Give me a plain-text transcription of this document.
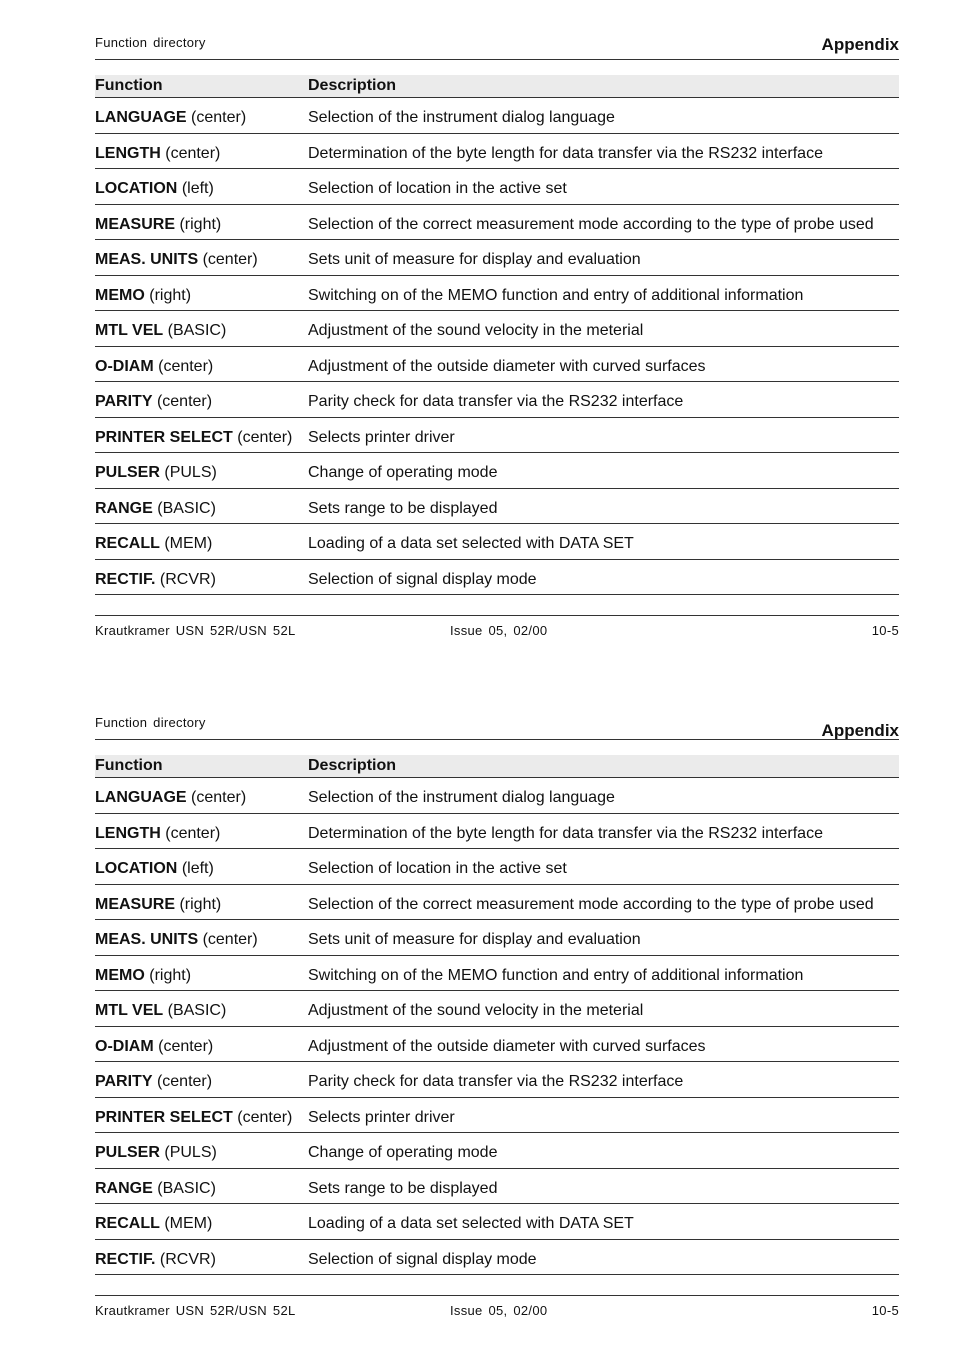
Function directory	Appendix
Function	Description
LANGUAGE (center)	Selection of the instrument dialog language
LENGTH (center)	Determination of the byte length for data transfer via the RS232 interface
LOCATION (left)	Selection of location in the active set
MEASURE (right)	Selection of the correct measurement mode according to the type of probe used
MEAS. UNITS (center)	Sets unit of measure for display and evaluation
MEMO (right)	Switching on of the MEMO function and entry of additional information
MTL VEL (BASIC)	Adjustment of the sound velocity in the meterial
O-DIAM (center)	Adjustment of the outside diameter with curved surfaces
PARITY (center)	Parity check for data transfer via the RS232 interface
PRINTER SELECT (center) Selects printer driver
PULSER (PULS)	Change of operating mode
RANGE (BASIC)	Sets range to be displayed
RECALL (MEM)	Loading of a data set selected with DATA SET
RECTIF. (RCVR)	Selection of signal display mode
Krautkramer USN 52R/USN 52L	Issue 05, 02/00	10-5
Function directory	Appendix
Function	Description
LANGUAGE (center)	Selection of the instrument dialog language
LENGTH (center)	Determination of the byte length for data transfer via the RS232 interface
LOCATION (left)	Selection of location in the active set
MEASURE (right)	Selection of the correct measurement mode according to the type of probe used
MEAS. UNITS (center)	Sets unit of measure for display and evaluation
MEMO (right)	Switching on of the MEMO function and entry of additional information
MTL VEL (BASIC)	Adjustment of the sound velocity in the meterial
O-DIAM (center)	Adjustment of the outside diameter with curved surfaces
PARITY (center)	Parity check for data transfer via the RS232 interface
PRINTER SELECT (center) Selects printer driver
PULSER (PULS)	Change of operating mode
RANGE (BASIC)	Sets range to be displayed
RECALL (MEM)	Loading of a data set selected with DATA SET
RECTIF. (RCVR)	Selection of signal display mode
Krautkramer USN 52R/USN 52L	Issue 05, 02/00	10-5
